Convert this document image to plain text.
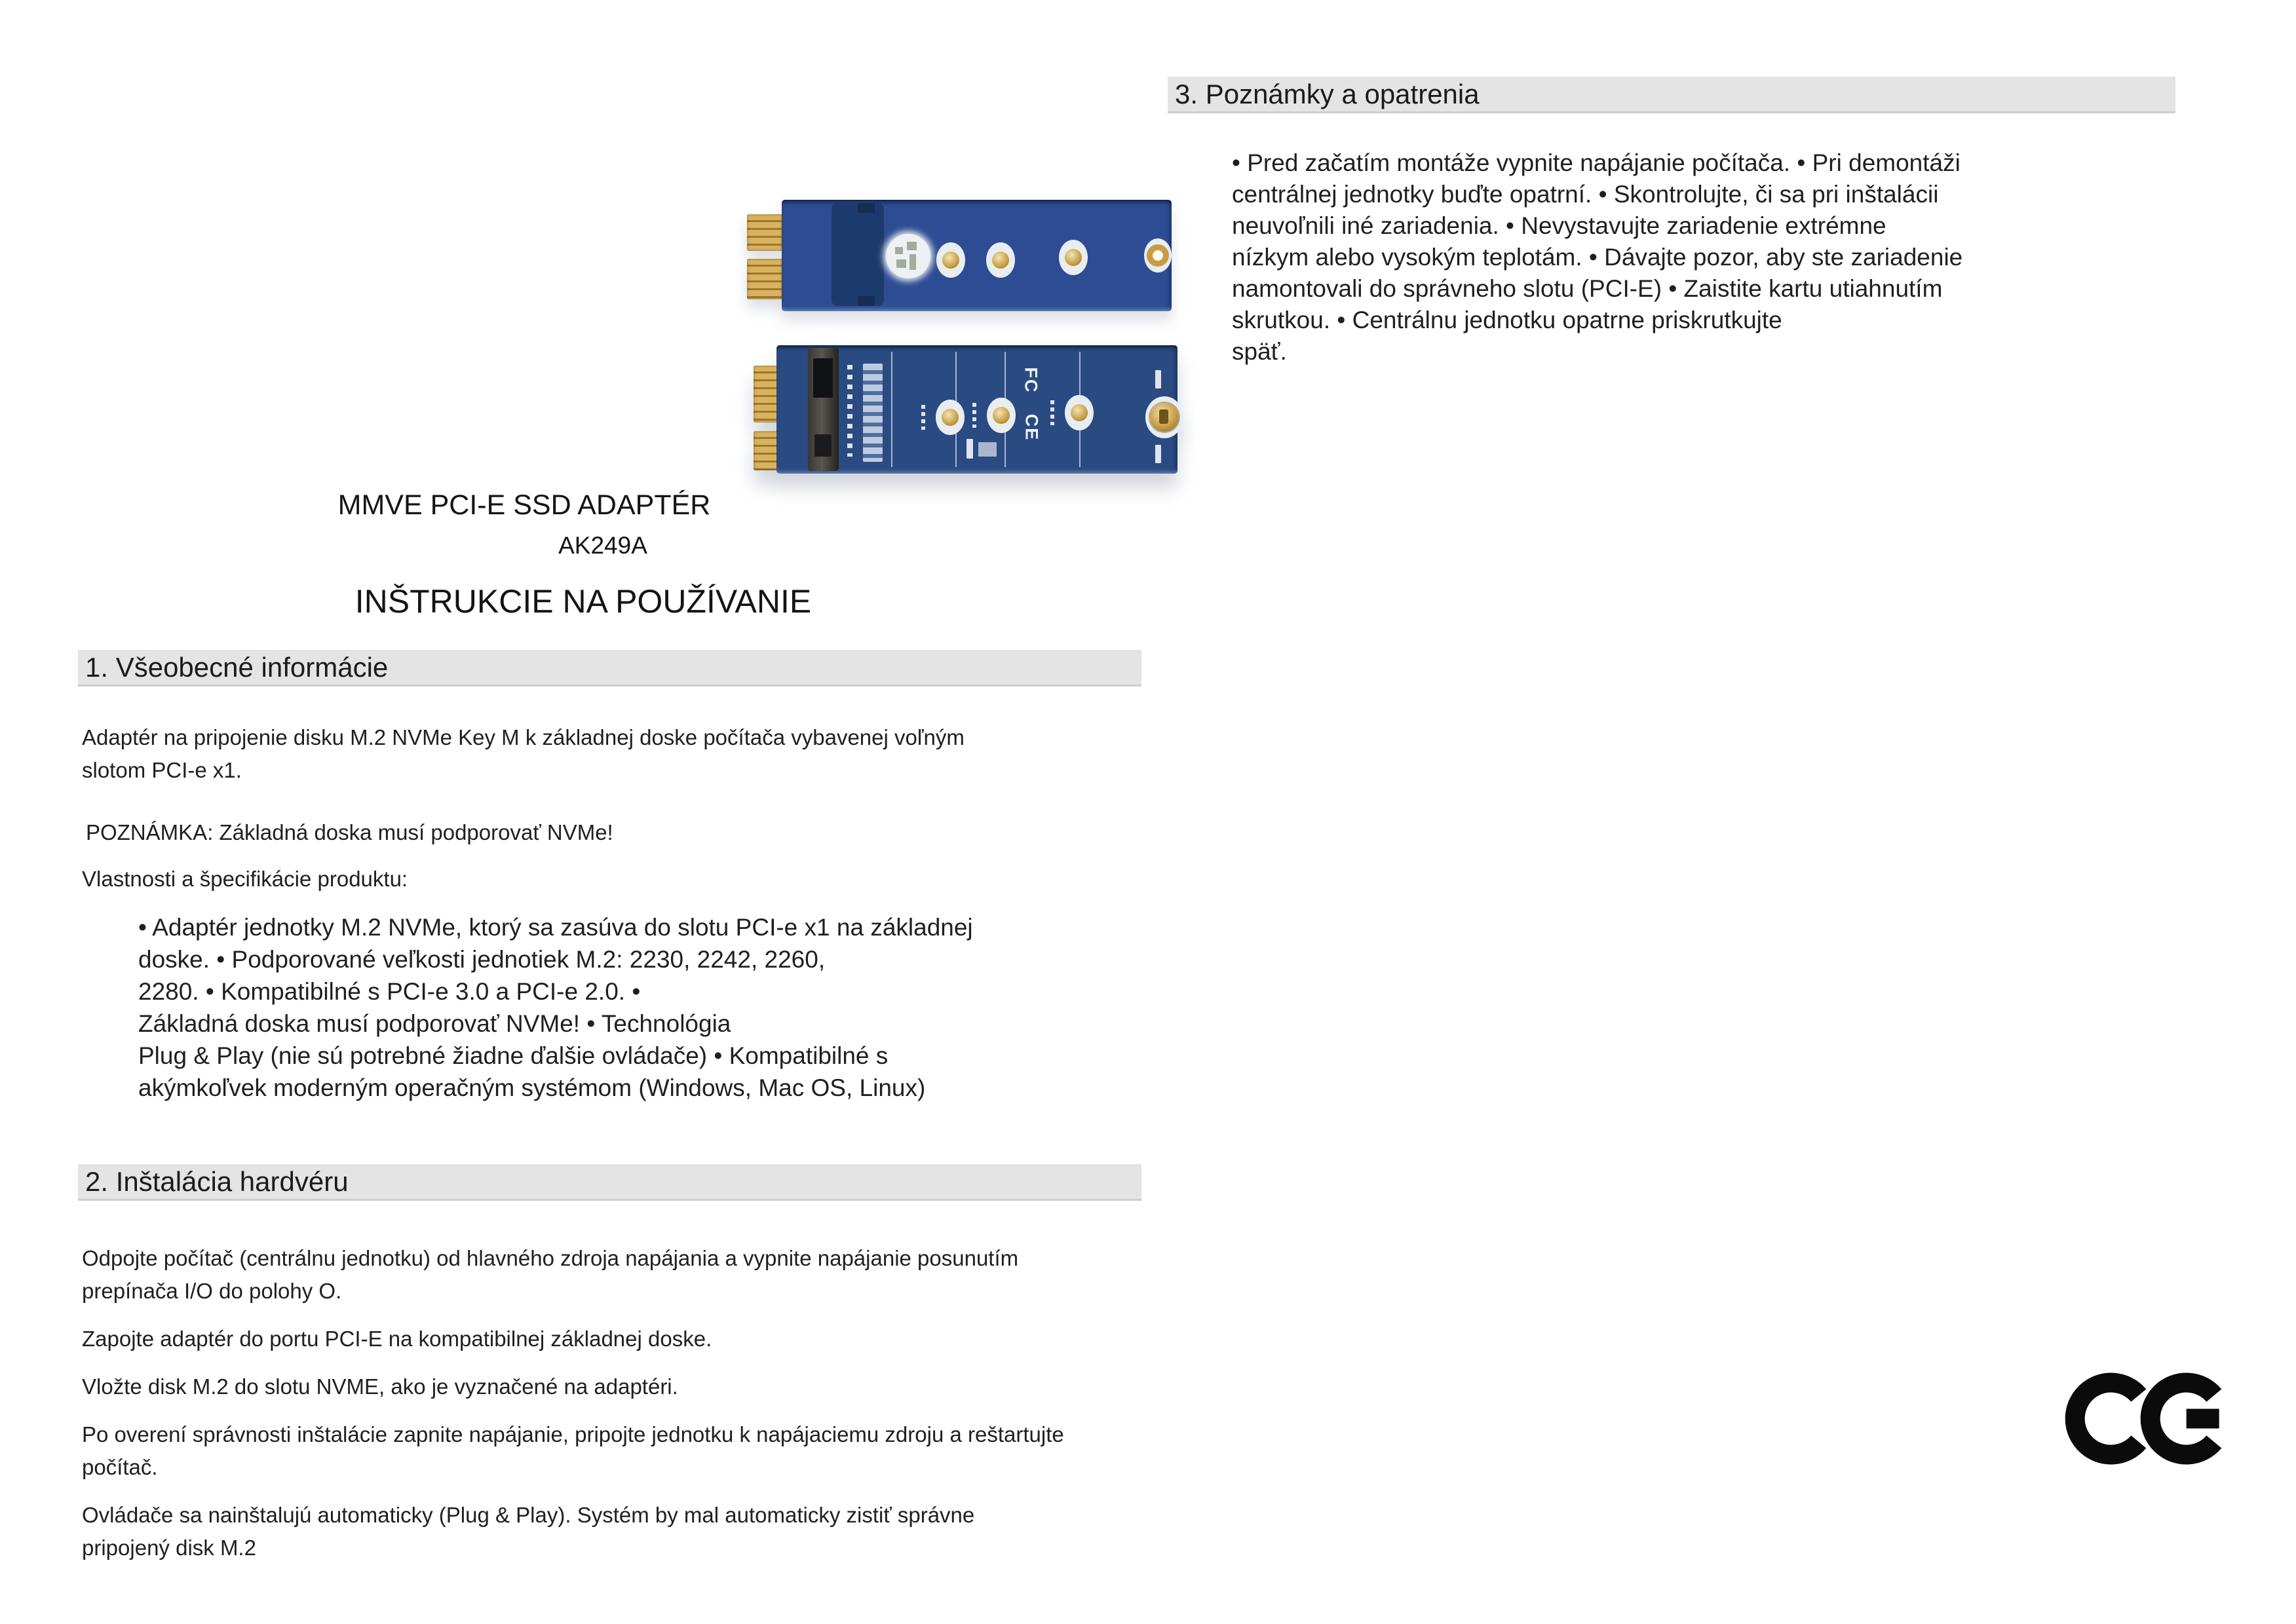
FC
CE
MMVE PCI-E SSD ADAPTÉR
AK249A
INŠTRUKCIE NA POUŽÍVANIE
1. Všeobecné informácie
Adaptér na pripojenie disku M.2 NVMe Key M k základnej doske počítača vybavenej voľným
slotom PCI-e x1.
POZNÁMKA: Základná doska musí podporovať NVMe!
Vlastnosti a špecifikácie produktu:
• Adaptér jednotky M.2 NVMe, ktorý sa zasúva do slotu PCI-e x1 na základnej
doske. • Podporované veľkosti jednotiek M.2: 2230, 2242, 2260,
2280. • Kompatibilné s PCI-e 3.0 a PCI-e 2.0. •
Základná doska musí podporovať NVMe! • Technológia
Plug & Play (nie sú potrebné žiadne ďalšie ovládače) • Kompatibilné s
akýmkoľvek moderným operačným systémom (Windows, Mac OS, Linux)
2. Inštalácia hardvéru
Odpojte počítač (centrálnu jednotku) od hlavného zdroja napájania a vypnite napájanie posunutím
prepínača I/O do polohy O.
Zapojte adaptér do portu PCI-E na kompatibilnej základnej doske.
Vložte disk M.2 do slotu NVME, ako je vyznačené na adaptéri.
Po overení správnosti inštalácie zapnite napájanie, pripojte jednotku k napájaciemu zdroju a reštartujte
počítač.
Ovládače sa nainštalujú automaticky (Plug & Play). Systém by mal automaticky zistiť správne
pripojený disk M.2
3. Poznámky a opatrenia
• Pred začatím montáže vypnite napájanie počítača. • Pri demontáži
centrálnej jednotky buďte opatrní. • Skontrolujte, či sa pri inštalácii
neuvoľnili iné zariadenia. • Nevystavujte zariadenie extrémne
nízkym alebo vysokým teplotám. • Dávajte pozor, aby ste zariadenie
namontovali do správneho slotu (PCI-E) • Zaistite kartu utiahnutím
skrutkou. • Centrálnu jednotku opatrne priskrutkujte
späť.
